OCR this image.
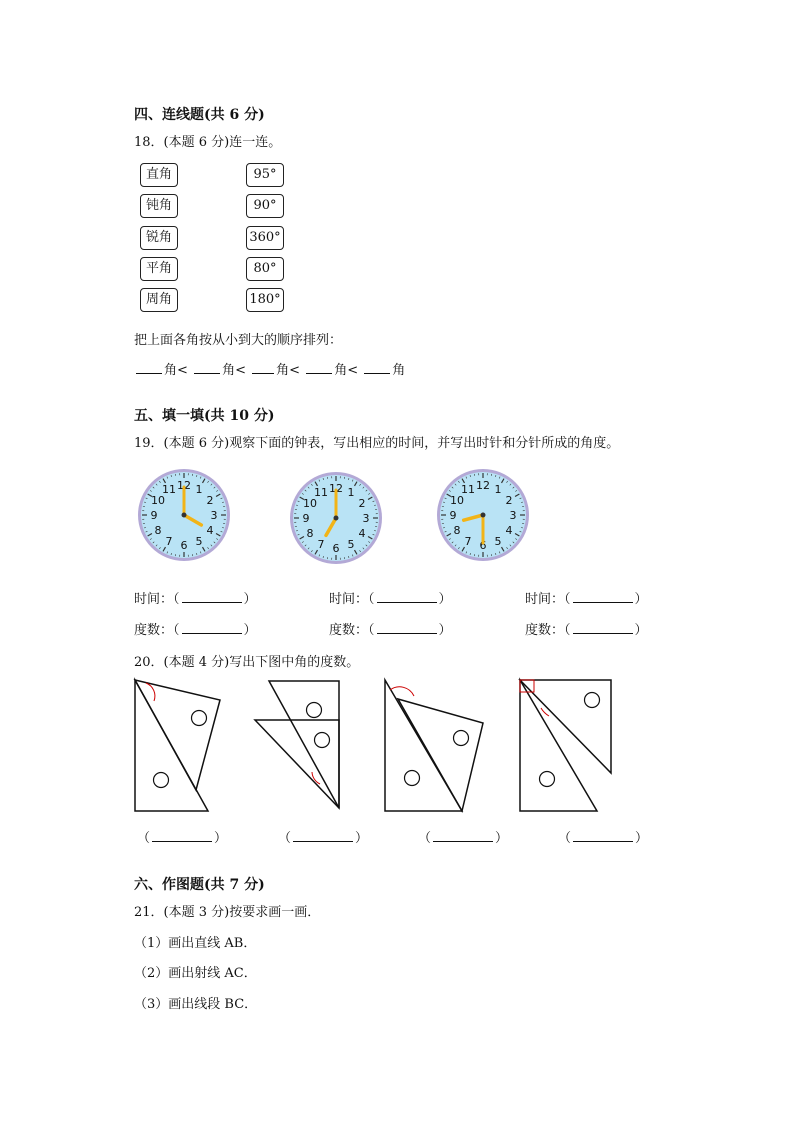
四、连线题(共 6 分)
18．(本题 6 分)连一连。
直角
钝角
锐角
平角
周角
95°
90°
360°
80°
180°
把上面各角按从小到大的顺序排列：
角<	角< 角<	角<	角
五、填一填(共 10 分)
19．(本题 6 分)观察下面的钟表，写出相应的时间，并写出时针和分针所成的角度。
12 1
2
3
4
5
6
7
8
9
10
11	12 1
2
3
4
5
6
7
8
9
10
11
12 1
2
3
4
5
6
7
8
9
10
11
时间：（	）	时间：（	）	时间：（	）
度数：（	）	度数：（	）	度数：（	）
20．(本题 4 分)写出下图中角的度数。
（	）	（	）	（	）	（	）
六、作图题(共 7 分)
21．(本题 3 分)按要求画一画．
（1）画出直线 AB．
（2）画出射线 AC．
（3）画出线段 BC．
